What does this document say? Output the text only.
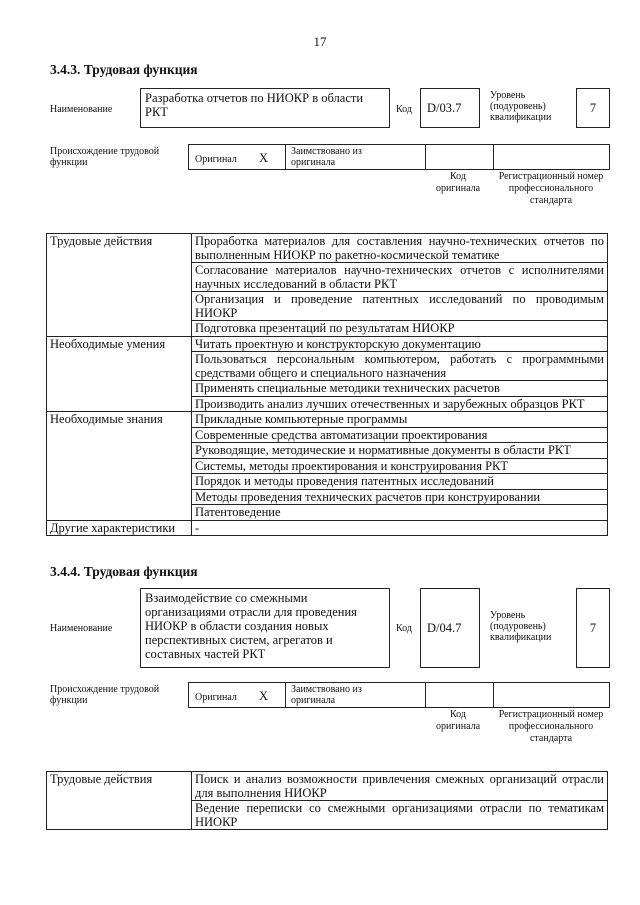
17
3.4.3. Трудовая функция
Наименование
Разработка отчетов по НИОКР в области РКТ	Код	D/03.7
Уровень (подуровень) квалификации
7
Происхождение трудовой функции	Оригинал X Заимствовано из оригинала
Код оригинала
Регистрационный номер профессионального стандарта
Трудовые действия	Проработка материалов для составления научно-технических отчетов по выполненным НИОКР по ракетно-космической тематике
	Согласование материалов научно-технических отчетов с исполнителями научных исследований в области РКТ
	Организация и проведение патентных исследований по проводимым НИОКР
	Подготовка презентаций по результатам НИОКР
Необходимые умения	Читать проектную и конструкторскую документацию
	Пользоваться персональным компьютером, работать с программными средствами общего и специального назначения
	Применять специальные методики технических расчетов
	Производить анализ лучших отечественных и зарубежных образцов РКТ
Необходимые знания	Прикладные компьютерные программы
	Современные средства автоматизации проектирования
	Руководящие, методические и нормативные документы в области РКТ
	Системы, методы проектирования и конструирования РКТ
	Порядок и методы проведения патентных исследований
	Методы проведения технических расчетов при конструировании
	Патентоведение
Другие характеристики	-
3.4.4. Трудовая функция
Наименование
Взаимодействие со смежными организациями отрасли для проведения НИОКР в области создания новых перспективных систем, агрегатов и составных частей РКТ
Код	D/04.7
Уровень (подуровень) квалификации
7
Происхождение трудовой функции	Оригинал X Заимствовано из оригинала
Код оригинала
Регистрационный номер профессионального стандарта
Трудовые действия	Поиск и анализ возможности привлечения смежных организаций отрасли для выполнения НИОКР
Ведение переписки со смежными организациями отрасли по тематикам НИОКР
